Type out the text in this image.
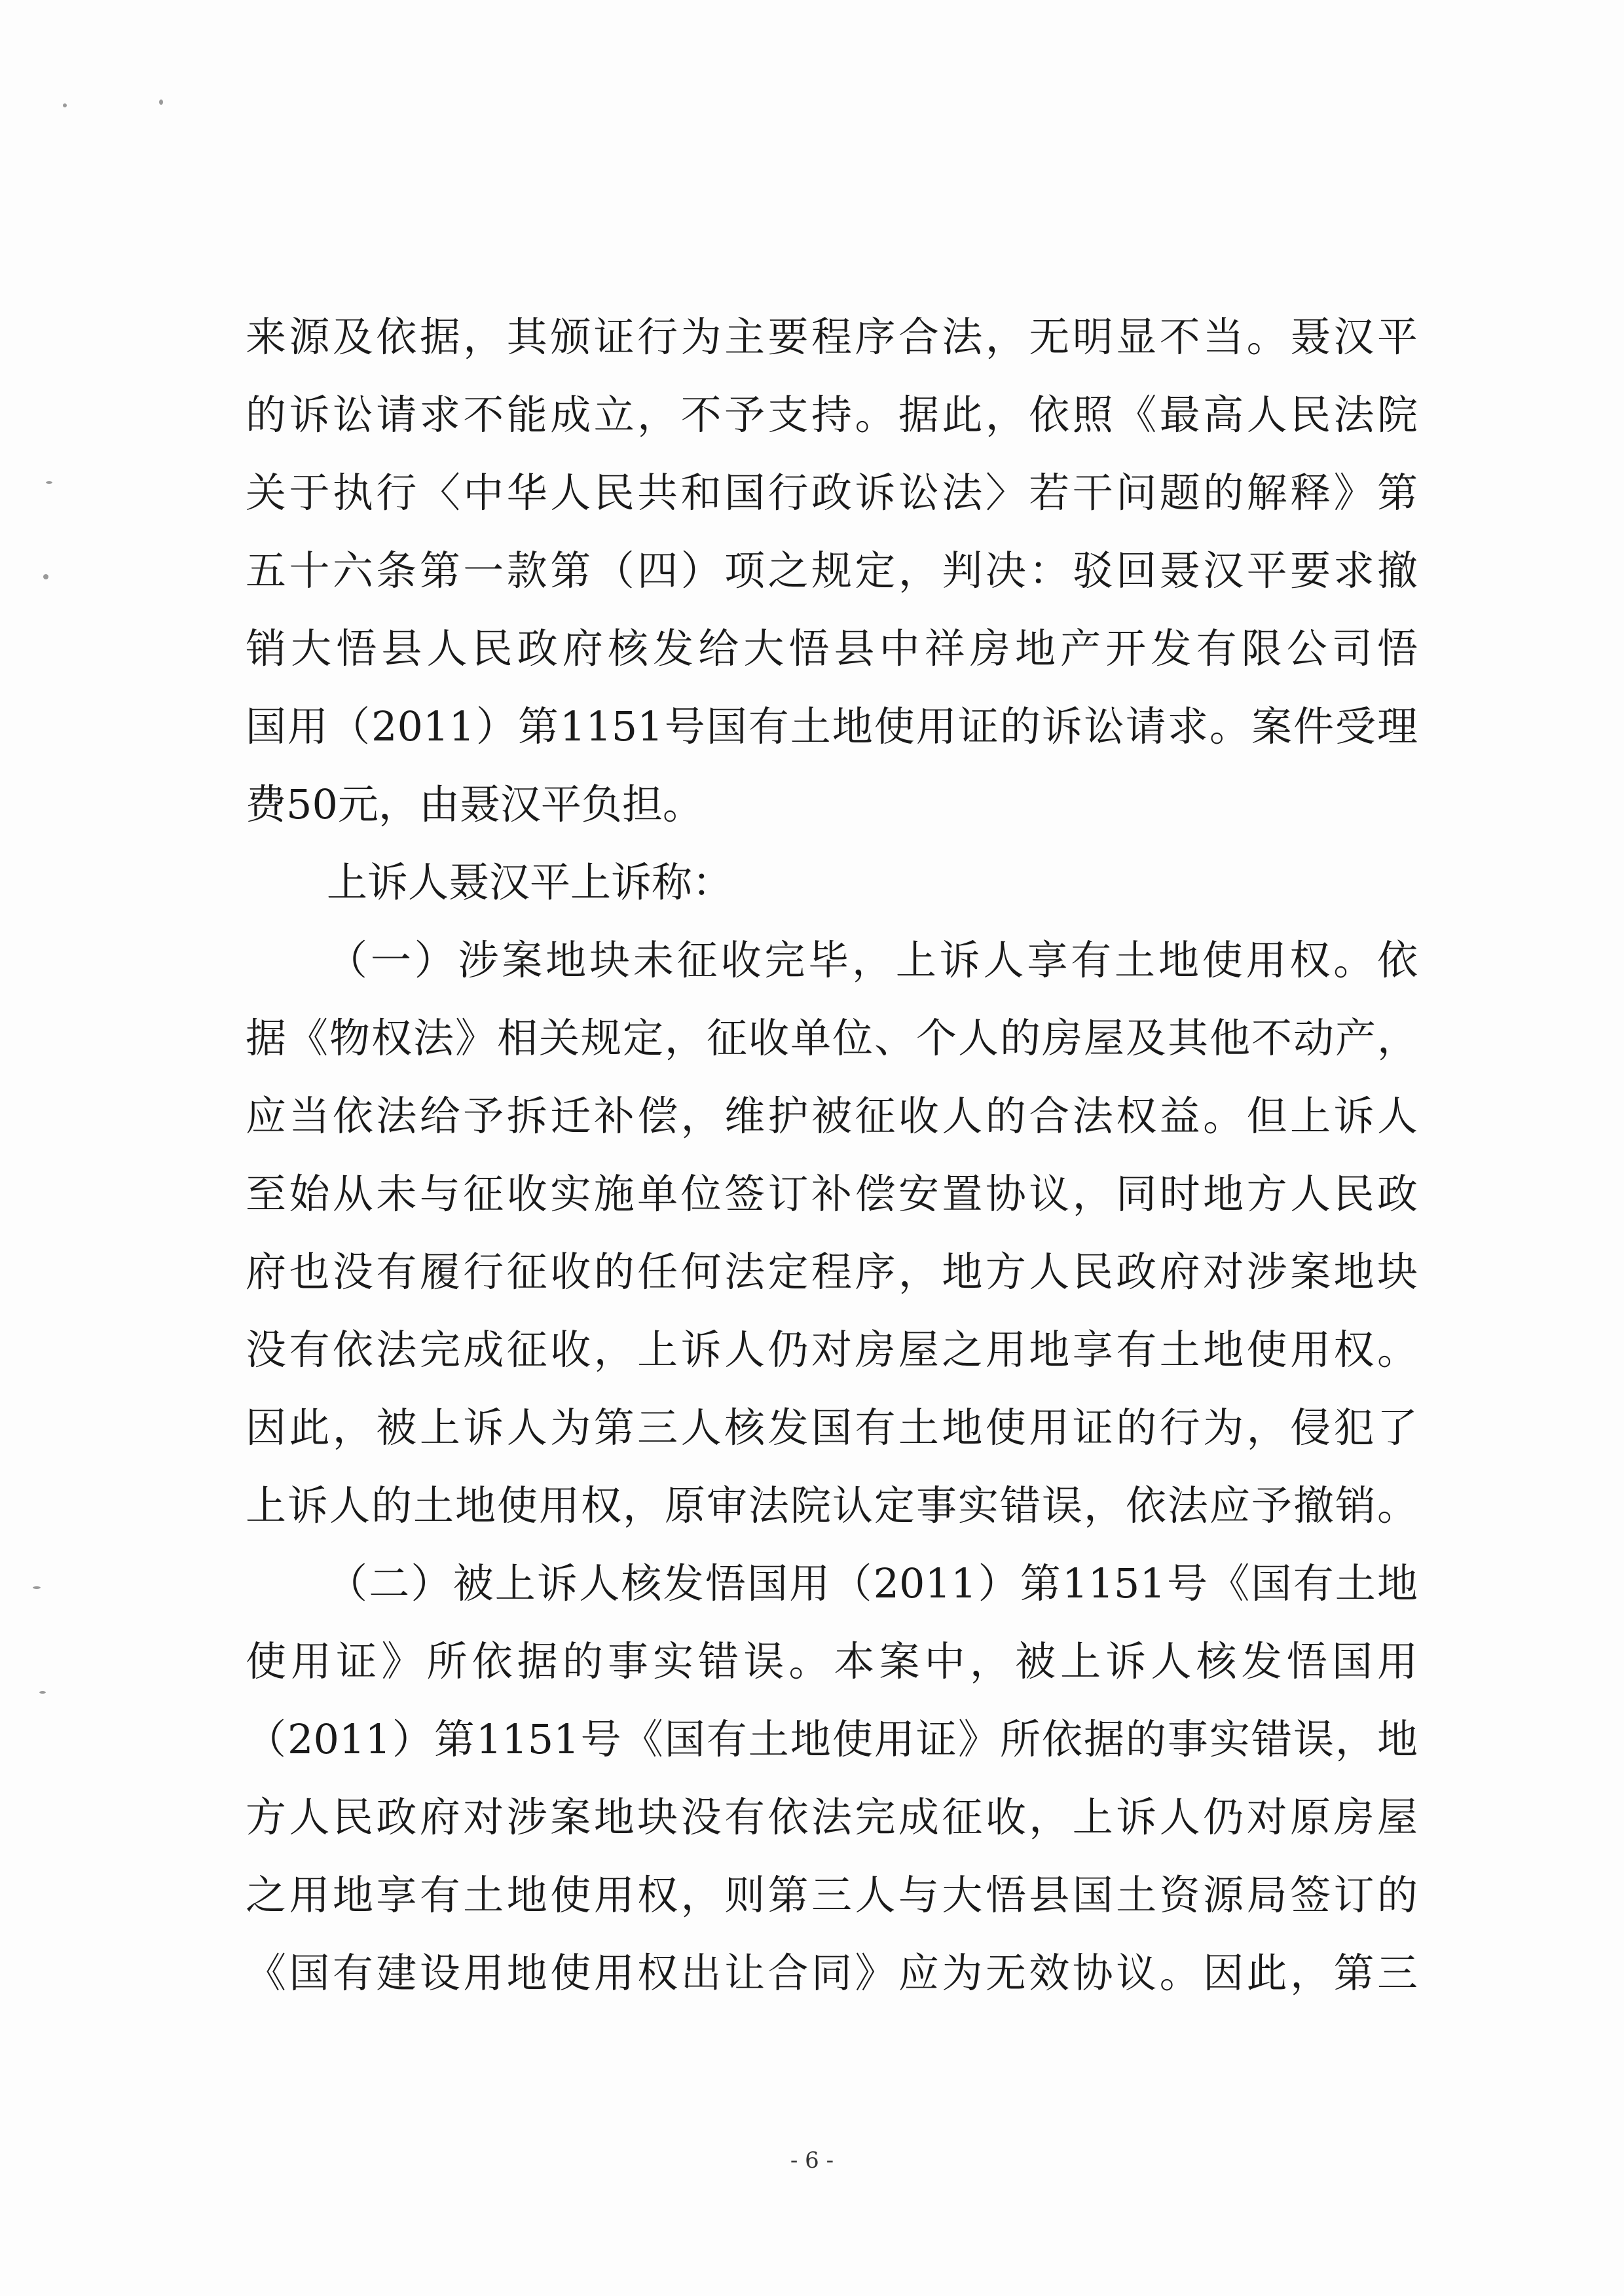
来源及依据，其颁证行为主要程序合法，无明显不当。聂汉平
的诉讼请求不能成立，不予支持。据此，依照《最高人民法院
关于执行〈中华人民共和国行政诉讼法〉若干问题的解释》第
五十六条第一款第（四）项之规定，判决：驳回聂汉平要求撤
销大悟县人民政府核发给大悟县中祥房地产开发有限公司悟
国用（2011）第1151号国有土地使用证的诉讼请求。案件受理
费50元，由聂汉平负担。
上诉人聂汉平上诉称：
（一）涉案地块未征收完毕，上诉人享有土地使用权。依
据《物权法》相关规定，征收单位、个人的房屋及其他不动产，
应当依法给予拆迁补偿，维护被征收人的合法权益。但上诉人
至始从未与征收实施单位签订补偿安置协议，同时地方人民政
府也没有履行征收的任何法定程序，地方人民政府对涉案地块
没有依法完成征收，上诉人仍对房屋之用地享有土地使用权。
因此，被上诉人为第三人核发国有土地使用证的行为，侵犯了
上诉人的土地使用权，原审法院认定事实错误，依法应予撤销。
（二）被上诉人核发悟国用（2011）第1151号《国有土地
使用证》所依据的事实错误。本案中，被上诉人核发悟国用
（2011）第1151号《国有土地使用证》所依据的事实错误，地
方人民政府对涉案地块没有依法完成征收，上诉人仍对原房屋
之用地享有土地使用权，则第三人与大悟县国土资源局签订的
《国有建设用地使用权出让合同》应为无效协议。因此，第三
- 6 -
